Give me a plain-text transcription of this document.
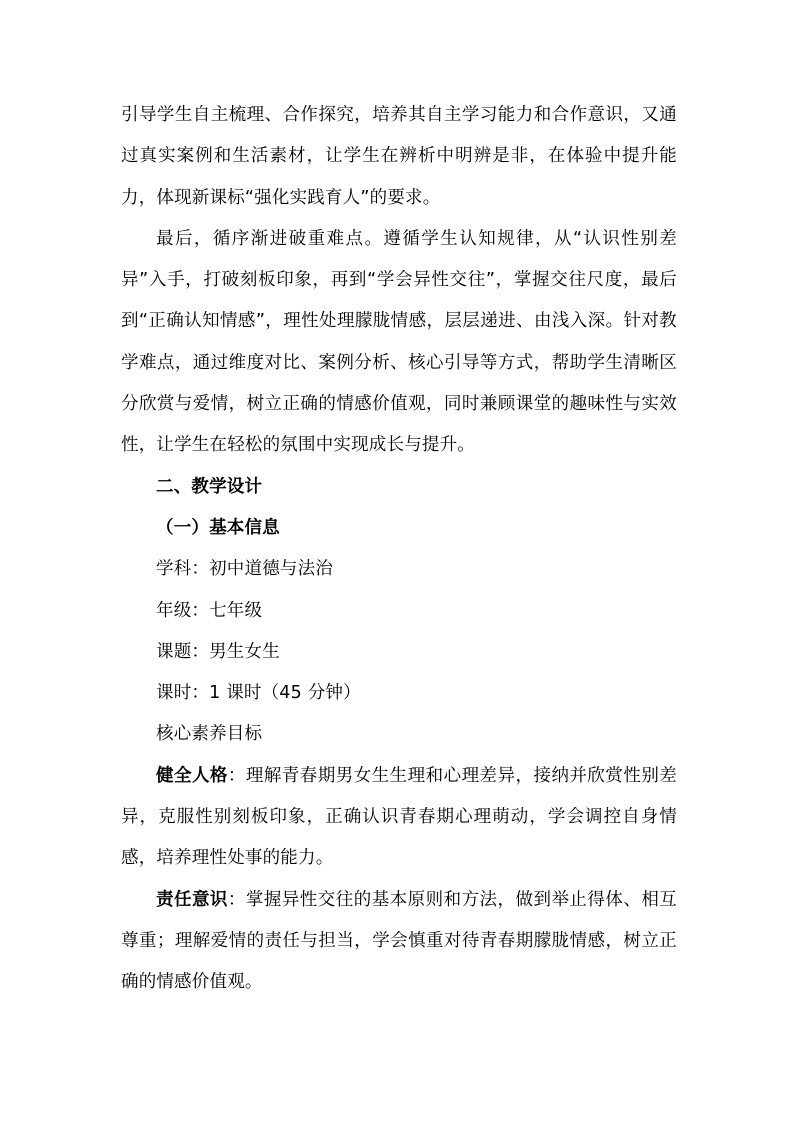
引导学生自主梳理、合作探究，培养其自主学习能力和合作意识，又通过真实案例和生活素材，让学生在辨析中明辨是非，在体验中提升能力，体现新课标“强化实践育人”的要求。

最后，循序渐进破重难点。遵循学生认知规律，从“认识性别差异”入手，打破刻板印象，再到“学会异性交往”，掌握交往尺度，最后到“正确认知情感”，理性处理朦胧情感，层层递进、由浅入深。针对教学难点，通过维度对比、案例分析、核心引导等方式，帮助学生清晰区分欣赏与爱情，树立正确的情感价值观，同时兼顾课堂的趣味性与实效性，让学生在轻松的氛围中实现成长与提升。

二、教学设计

（一）基本信息

学科：初中道德与法治

年级：七年级

课题：男生女生

课时：1 课时（45 分钟）

核心素养目标

健全人格：理解青春期男女生生理和心理差异，接纳并欣赏性别差异，克服性别刻板印象，正确认识青春期心理萌动，学会调控自身情感，培养理性处事的能力。

责任意识：掌握异性交往的基本原则和方法，做到举止得体、相互尊重；理解爱情的责任与担当，学会慎重对待青春期朦胧情感，树立正确的情感价值观。
